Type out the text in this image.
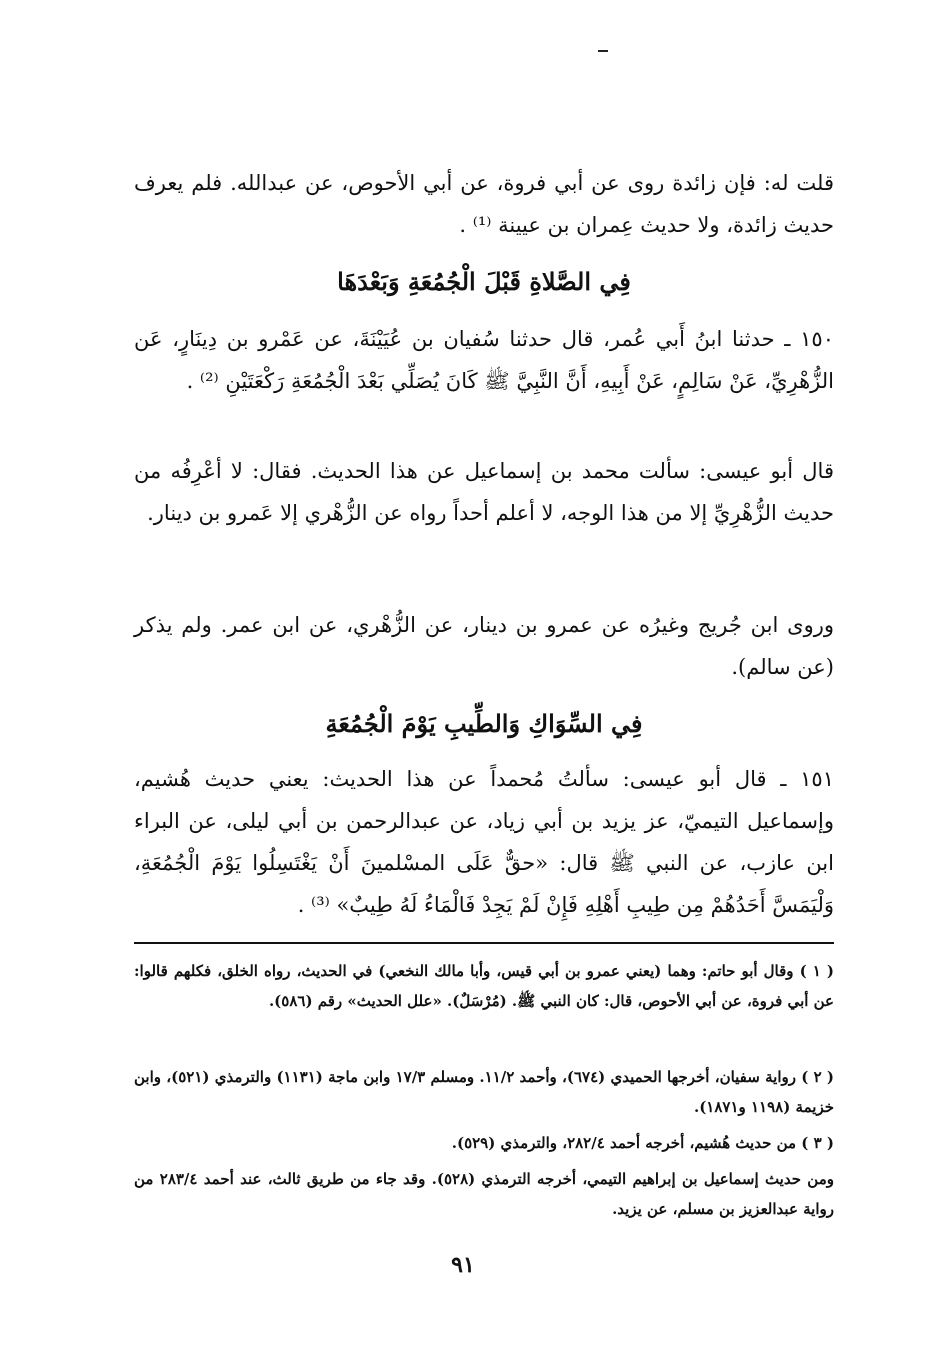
قلت له: فإن زائدة روى عن أبي فروة، عن أبي الأحوص، عن عبدالله. فلم يعرف حديث زائدة، ولا حديث عِمران بن عيينة ⁽¹⁾ .

فِي الصَّلاةِ قَبْلَ الْجُمُعَةِ وَبَعْدَهَا

١٥٠ ـ حدثنا ابنُ أَبي عُمر، قال حدثنا سُفيان بن عُيَيْنَةَ، عن عَمْرو بن دِينَارٍ، عَن الزُّهْرِيِّ، عَنْ سَالِمٍ، عَنْ أَبِيهِ، أَنَّ النَّبِيَّ ﷺ كَانَ يُصَلِّي بَعْدَ الْجُمُعَةِ رَكْعَتَيْنِ ⁽²⁾ .

قال أبو عيسى: سألت محمد بن إسماعيل عن هذا الحديث. فقال: لا أعْرِفُه من حديث الزُّهْرِيِّ إلا من هذا الوجه، لا أعلم أحداً رواه عن الزُّهْري إلا عَمرو بن دينار.

وروى ابن جُريج وغيرُه عن عمرو بن دينار، عن الزُّهْري، عن ابن عمر. ولم يذكر (عن سالم).

فِي السِّوَاكِ وَالطِّيبِ يَوْمَ الْجُمُعَةِ

١٥١ ـ قال أبو عيسى: سألتُ مُحمداً عن هذا الحديث: يعني حديث هُشيم، وإسماعيل التيميّ، عز يزيد بن أبي زياد، عن عبدالرحمن بن أبي ليلى، عن البراء ابن عازب، عن النبي ﷺ قال: «حقٌّ عَلَى المسْلمينَ أَنْ يَغْتَسِلُوا يَوْمَ الْجُمُعَةِ، وَلْيَمَسَّ أَحَدُهُمْ مِن طِيبِ أَهْلِهِ فَإِنْ لَمْ يَجِدْ فَالْمَاءُ لَهُ طِيبٌ» ⁽³⁾ .

( ١ ) وقال أبو حاتم: وهما (يعني عمرو بن أبي قيس، وأبا مالك النخعي) في الحديث، رواه الخلق، فكلهم قالوا: عن أبي فروة، عن أبي الأحوص، قال: كان النبي ﷺ. (مُرْسَلٌ). «علل الحديث» رقم (٥٨٦).
( ٢ ) رواية سفيان، أخرجها الحميدي (٦٧٤)، وأحمد ١١/٢. ومسلم ١٧/٣ وابن ماجة (١١٣١) والترمذي (٥٢١)، وابن خزيمة (١١٩٨ و١٨٧١).
( ٣ ) من حديث هُشيم، أخرجه أحمد ٢٨٢/٤، والترمذي (٥٢٩).
ومن حديث إسماعيل بن إبراهيم التيمي، أخرجه الترمذي (٥٢٨). وقد جاء من طريق ثالث، عند أحمد ٢٨٣/٤ من رواية عبدالعزيز بن مسلم، عن يزيد.
٩١
